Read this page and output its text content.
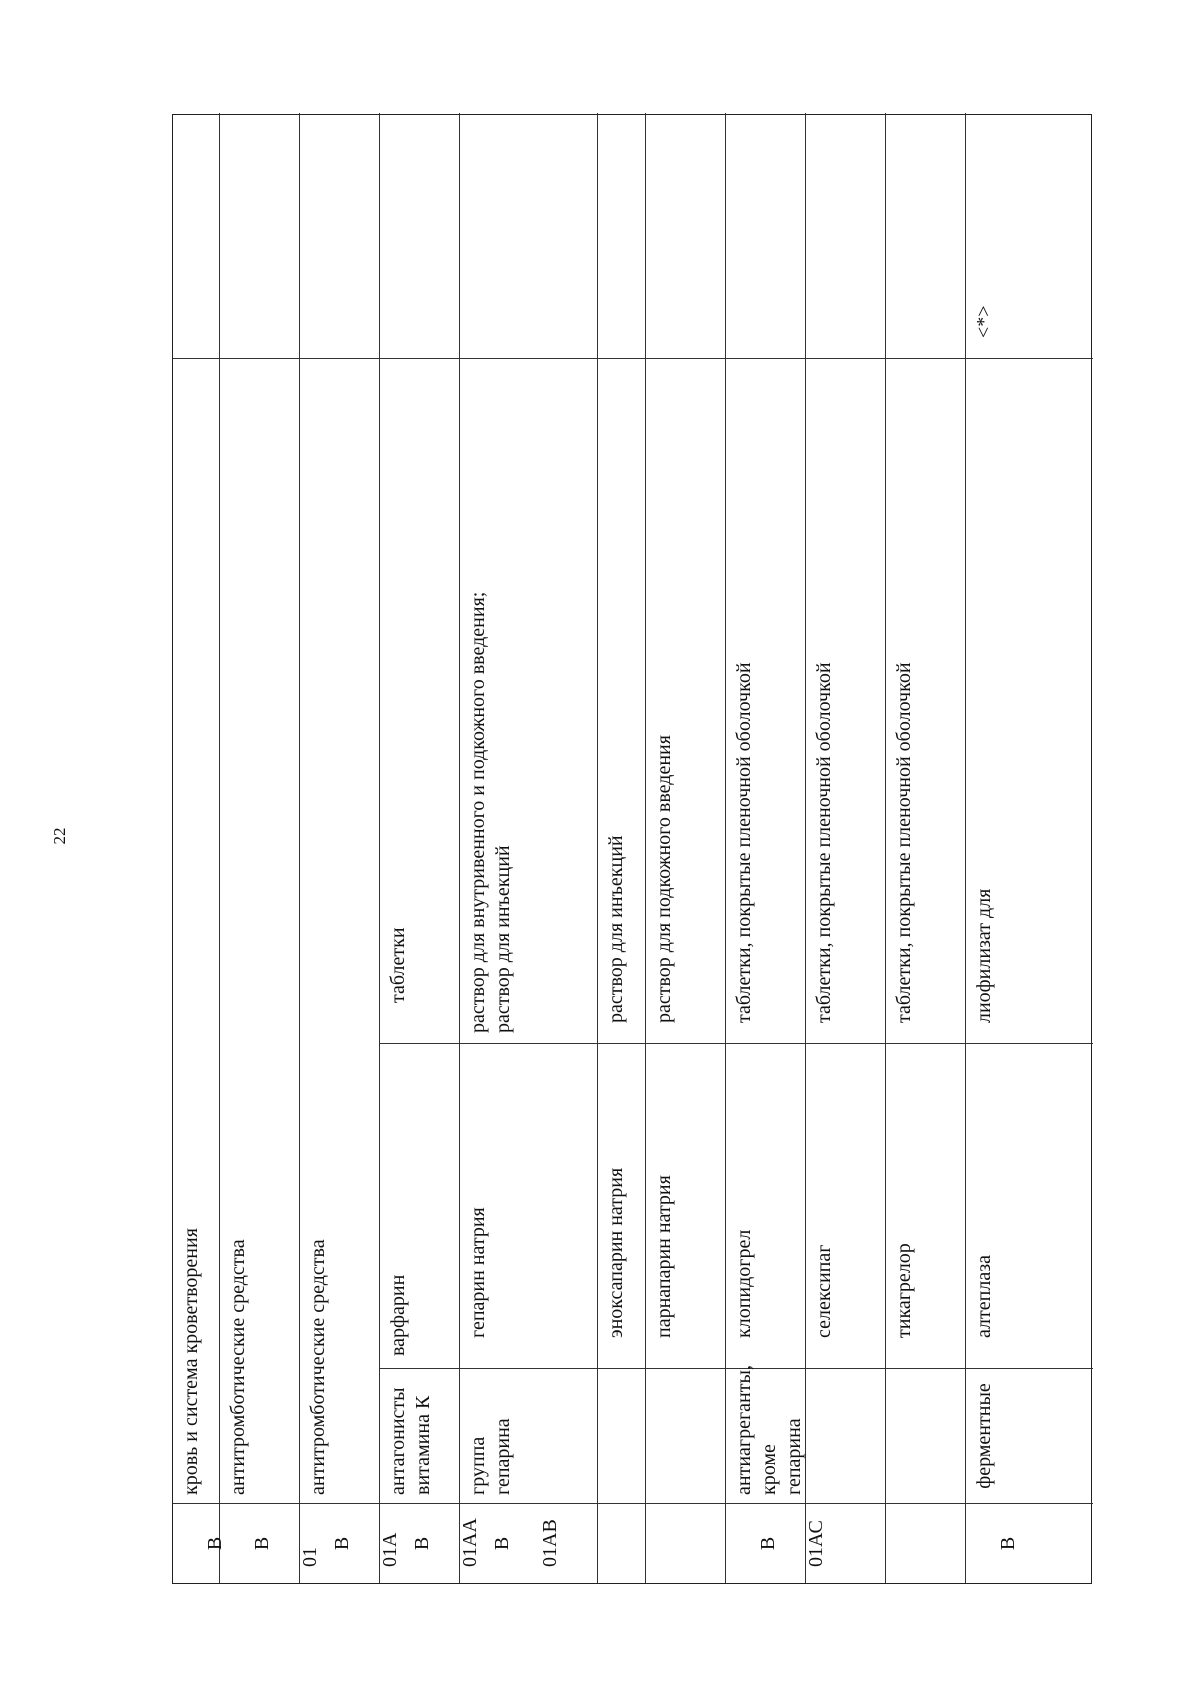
22

В

кровь и система кроветворения

В

01

антитромботические средства

В 01А

антитромботические средства

В 01АА

антагонисты витамина К
варфарин
таблетки

В 01АВ

группа гепарина
гепарин натрия
раствор для внутривенного и подкожного введения;
раствор для инъекций

эноксапарин натрия
раствор для инъекций

парнапарин натрия
раствор для подкожного введения

В 01АС

антиагреганты, кроме гепарина
клопидогрел
таблетки, покрытые пленочной оболочкой

селексипаг
таблетки, покрытые пленочной оболочкой

тикагрелор
таблетки, покрытые пленочной оболочкой

В

ферментные
алтеплаза
лиофилизат для
<*>
